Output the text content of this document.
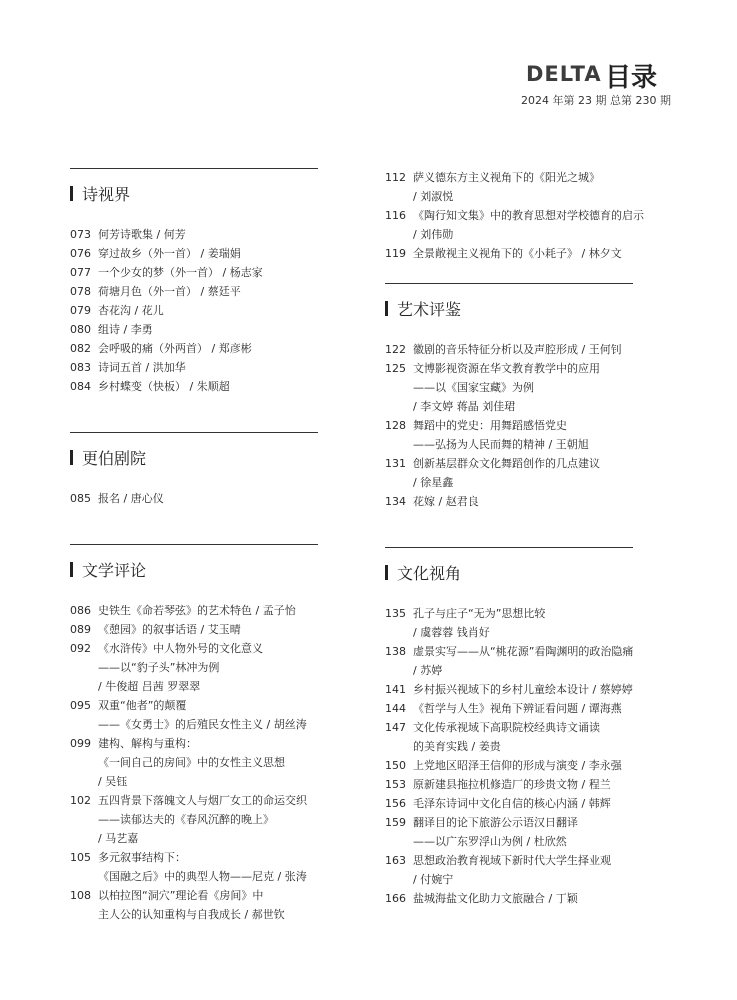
DELTA 目录
2024 年第 23 期 总第 230 期
诗视界
073 何芳诗歌集 / 何芳
076 穿过故乡（外一首） / 姜瑞娟
077 一个少女的梦（外一首） / 杨志家
078 荷塘月色（外一首） / 蔡廷平
079 杏花沟 / 花儿
080 组诗 / 李勇
082 会呼吸的痛（外两首） / 郑彦彬
083 诗词五首 / 洪加华
084 乡村蝶变（快板） / 朱顺超
更伯剧院
085 报名 / 唐心仪
文学评论
086 史铁生《命若琴弦》的艺术特色 / 孟子怡
089 《憩园》的叙事话语 / 艾玉晴
092 《水浒传》中人物外号的文化意义
——以“豹子头”林冲为例
/ 牛俊超 吕茜 罗翠翠
095 双重“他者”的颠覆
——《女勇士》的后殖民女性主义 / 胡丝涛
099 建构、解构与重构：
《一间自己的房间》中的女性主义思想
/ 吴钰
102 五四背景下落魄文人与烟厂女工的命运交织
——读郁达夫的《春风沉醉的晚上》
/ 马艺嘉
105 多元叙事结构下：
《国融之后》中的典型人物——尼克 / 张涛
108 以柏拉图“洞穴”理论看《房间》中
主人公的认知重构与自我成长 / 郝世钦
112 萨义德东方主义视角下的《阳光之城》
/ 刘淑悦
116 《陶行知文集》中的教育思想对学校德育的启示
/ 刘伟勋
119 全景敞视主义视角下的《小耗子》 / 林夕文
艺术评鉴
122 徽剧的音乐特征分析以及声腔形成 / 王何钊
125 文博影视资源在华文教育教学中的应用
——以《国家宝藏》为例
/ 李文婷 蒋晶 刘佳珺
128 舞蹈中的党史：用舞蹈感悟党史
——弘扬为人民而舞的精神 / 王朝旭
131 创新基层群众文化舞蹈创作的几点建议
/ 徐星鑫
134 花嫁 / 赵君良
文化视角
135 孔子与庄子“无为”思想比较
/ 虞蓉蓉 钱肖好
138 虚景实写——从“桃花源”看陶渊明的政治隐痛
/ 苏婷
141 乡村振兴视域下的乡村儿童绘本设计 / 蔡婷婷
144 《哲学与人生》视角下辨证看问题 / 谭海燕
147 文化传承视域下高职院校经典诗文诵读
的美育实践 / 姜贵
150 上党地区昭泽王信仰的形成与演变 / 李永强
153 原新建县拖拉机修造厂的珍贵文物 / 程兰
156 毛泽东诗词中文化自信的核心内涵 / 韩辉
159 翻译目的论下旅游公示语汉日翻译
——以广东罗浮山为例 / 杜欣然
163 思想政治教育视域下新时代大学生择业观
/ 付婉宁
166 盐城海盐文化助力文旅融合 / 丁颖
